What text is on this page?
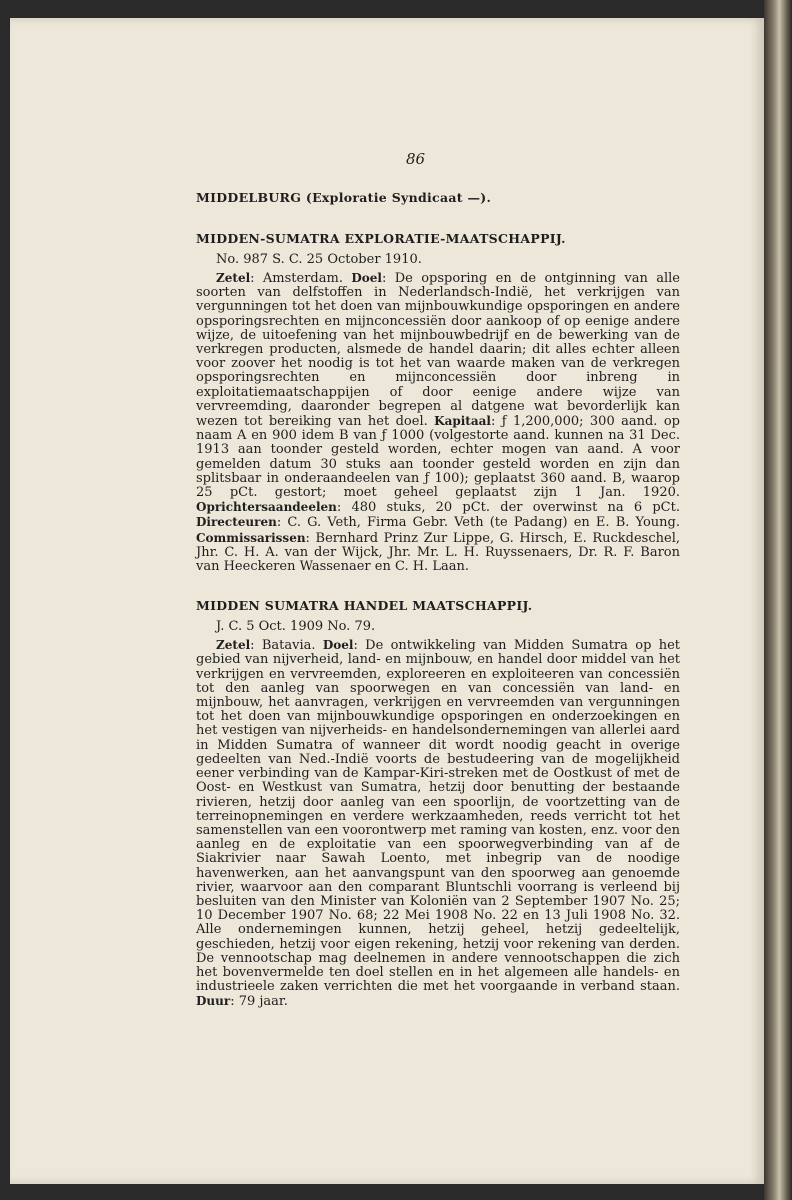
86

MIDDELBURG (Exploratie Syndicaat —).

MIDDEN-SUMATRA EXPLORATIE-MAATSCHAPPIJ.

No. 987 S. C. 25 October 1910.

Zetel: Amsterdam. Doel: De opsporing en de ontginning van alle soorten van delfstoffen in Nederlandsch-Indië, het verkrijgen van vergunningen tot het doen van mijnbouwkundige opsporingen en andere opsporingsrechten en mijnconcessiën door aankoop of op eenige andere wijze, de uitoefening van het mijnbouwbedrijf en de bewerking van de verkregen producten, alsmede de handel daarin; dit alles echter alleen voor zoover het noodig is tot het van waarde maken van de verkregen opsporingsrechten en mijnconcessiën door inbreng in exploitatiemaatschappijen of door eenige andere wijze van vervreemding, daaronder begrepen al datgene wat bevorderlijk kan wezen tot bereiking van het doel. Kapitaal: ƒ 1,200,000; 300 aand. op naam A en 900 idem B van ƒ 1000 (volgestorte aand. kunnen na 31 Dec. 1913 aan toonder gesteld worden, echter mogen van aand. A voor gemelden datum 30 stuks aan toonder gesteld worden en zijn dan splitsbaar in onderaandeelen van ƒ 100); geplaatst 360 aand. B, waarop 25 pCt. gestort; moet geheel geplaatst zijn 1 Jan. 1920. Oprichtersaandeelen: 480 stuks, 20 pCt. der overwinst na 6 pCt. Directeuren: C. G. Veth, Firma Gebr. Veth (te Padang) en E. B. Young. Commissarissen: Bernhard Prinz Zur Lippe, G. Hirsch, E. Ruckdeschel, Jhr. C. H. A. van der Wijck, Jhr. Mr. L. H. Ruyssenaers, Dr. R. F. Baron van Heeckeren Wassenaer en C. H. Laan.

MIDDEN SUMATRA HANDEL MAATSCHAPPIJ.

J. C. 5 Oct. 1909 No. 79.

Zetel: Batavia. Doel: De ontwikkeling van Midden Sumatra op het gebied van nijverheid, land- en mijnbouw, en handel door middel van het verkrijgen en vervreemden, exploreeren en exploiteeren van concessiën tot den aanleg van spoorwegen en van concessiën van land- en mijnbouw, het aanvragen, verkrijgen en vervreemden van vergunningen tot het doen van mijnbouwkundige opsporingen en onderzoekingen en het vestigen van nijverheids- en handelsondernemingen van allerlei aard in Midden Sumatra of wanneer dit wordt noodig geacht in overige gedeelten van Ned.-Indië voorts de bestudeering van de mogelijkheid eener verbinding van de Kampar-Kiri-streken met de Oostkust of met de Oost- en Westkust van Sumatra, hetzij door benutting der bestaande rivieren, hetzij door aanleg van een spoorlijn, de voortzetting van de terreinopnemingen en verdere werkzaamheden, reeds verricht tot het samenstellen van een voorontwerp met raming van kosten, enz. voor den aanleg en de exploitatie van een spoorwegverbinding van af de Siakrivier naar Sawah Loento, met inbegrip van de noodige havenwerken, aan het aanvangspunt van den spoorweg aan genoemde rivier, waarvoor aan den comparant Bluntschli voorrang is verleend bij besluiten van den Minister van Koloniën van 2 September 1907 No. 25; 10 December 1907 No. 68; 22 Mei 1908 No. 22 en 13 Juli 1908 No. 32. Alle ondernemingen kunnen, hetzij geheel, hetzij gedeeltelijk, geschieden, hetzij voor eigen rekening, hetzij voor rekening van derden. De vennootschap mag deelnemen in andere vennootschappen die zich het bovenvermelde ten doel stellen en in het algemeen alle handels- en industrieele zaken verrichten die met het voorgaande in verband staan. Duur: 79 jaar.
